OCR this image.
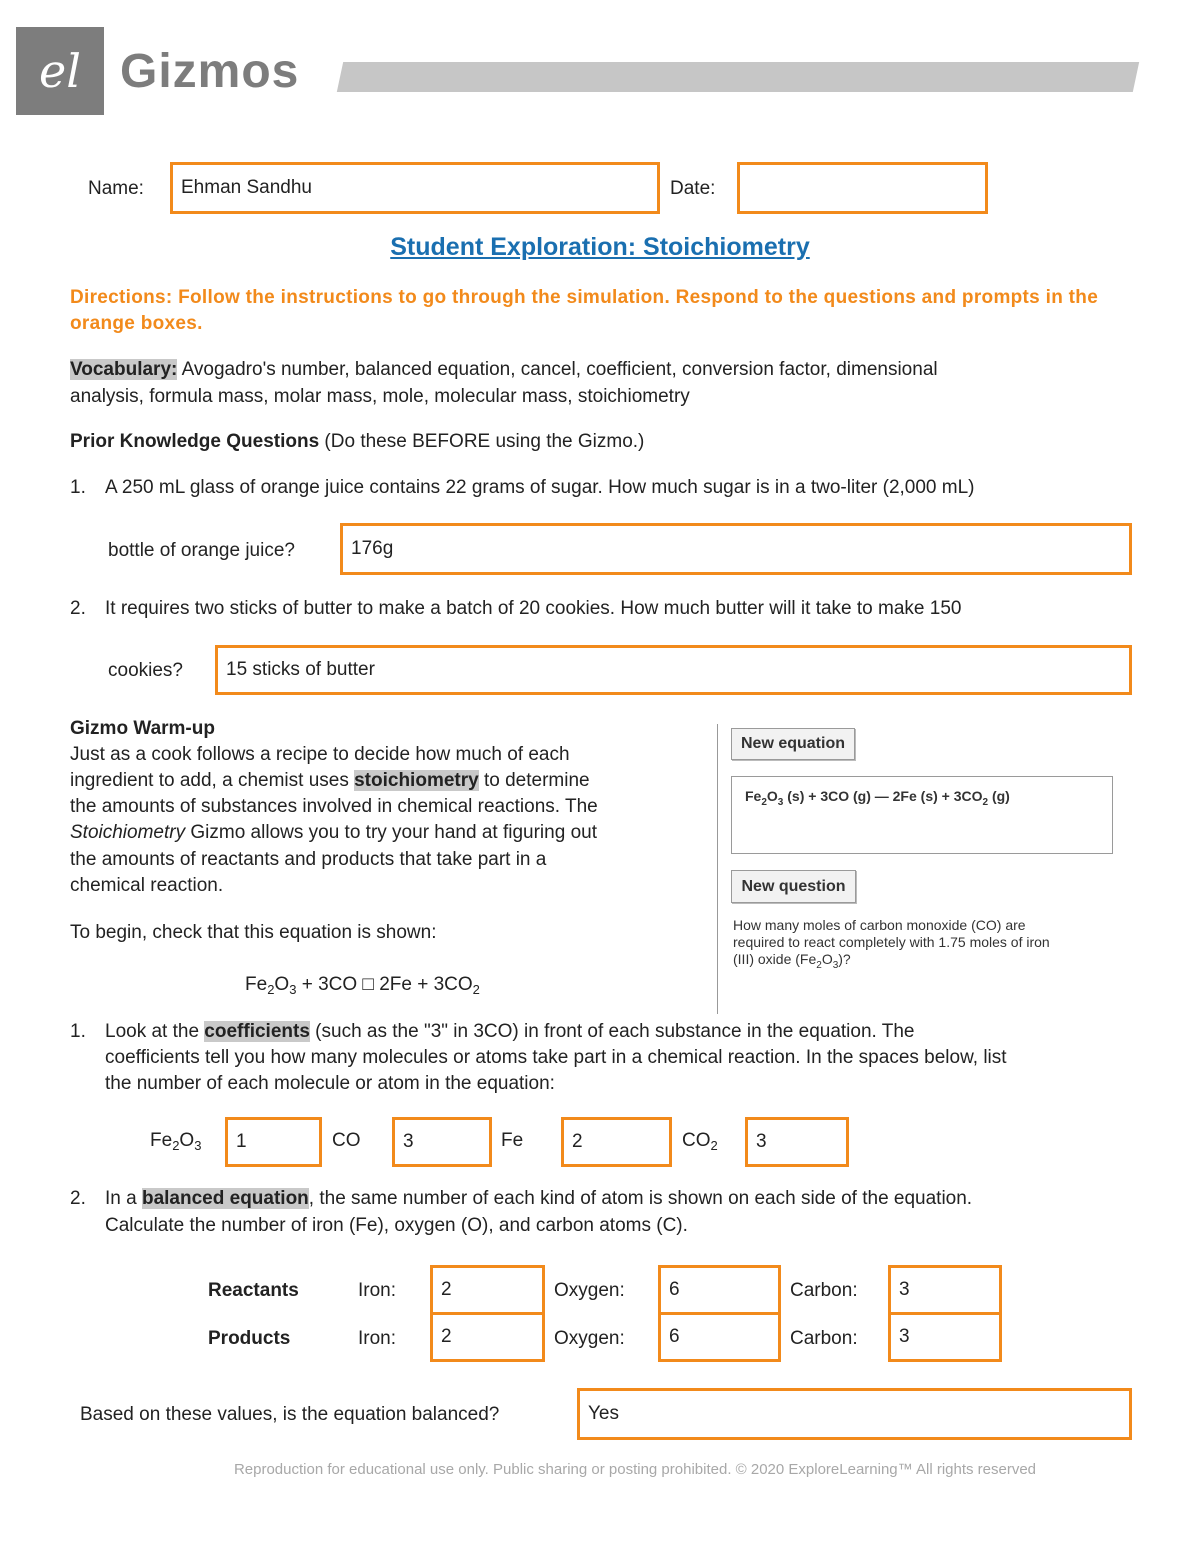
el Gizmos
Name:	Ehman Sandhu	Date:
Student Exploration: Stoichiometry
Directions: Follow the instructions to go through the simulation. Respond to the questions and prompts in the orange boxes.
Vocabulary: Avogadro's number, balanced equation, cancel, coefficient, conversion factor, dimensional
analysis, formula mass, molar mass, mole, molecular mass, stoichiometry
Prior Knowledge Questions (Do these BEFORE using the Gizmo.)
1. A 250 mL glass of orange juice contains 22 grams of sugar. How much sugar is in a two-liter (2,000 mL)
bottle of orange juice?	176g
2. It requires two sticks of butter to make a batch of 20 cookies. How much butter will it take to make 150
cookies?	15 sticks of butter
Gizmo Warm-up
Just as a cook follows a recipe to decide how much of each
ingredient to add, a chemist uses stoichiometry to determine
the amounts of substances involved in chemical reactions. The
Stoichiometry Gizmo allows you to try your hand at figuring out
the amounts of reactants and products that take part in a
chemical reaction.
To begin, check that this equation is shown:
$Fe_2O_3 + 3CO$ □ $2Fe + 3CO_2$
New equation
$Fe_2O_3$ (s) + 3CO (g) — 2Fe $(s) + 3CO_2$ (g)
New question
How many moles of carbon monoxide (CO) are
required to react completely with 1.75 moles of iron
(III) oxide $(Fe_2O_3)$?
1. Look at the coefficients (such as the "3" in 3CO) in front of each substance in the equation. The
coefficients tell you how many molecules or atoms take part in a chemical reaction. In the spaces below, list
the number of each molecule or atom in the equation:
$Fe_2O_3$	1	CO	3	Fe	2	$CO_2$	3
2. In a balanced equation, the same number of each kind of atom is shown on each side of the equation.
Calculate the number of iron (Fe), oxygen (O), and carbon atoms (C).
Reactants	Iron:	2	Oxygen:	6	Carbon:	3
Products	Iron:	2	Oxygen:	6	Carbon:	3
Based on these values, is the equation balanced?	Yes
Reproduction for educational use only. Public sharing or posting prohibited. © 2020 ExploreLearning™ All rights reserved
